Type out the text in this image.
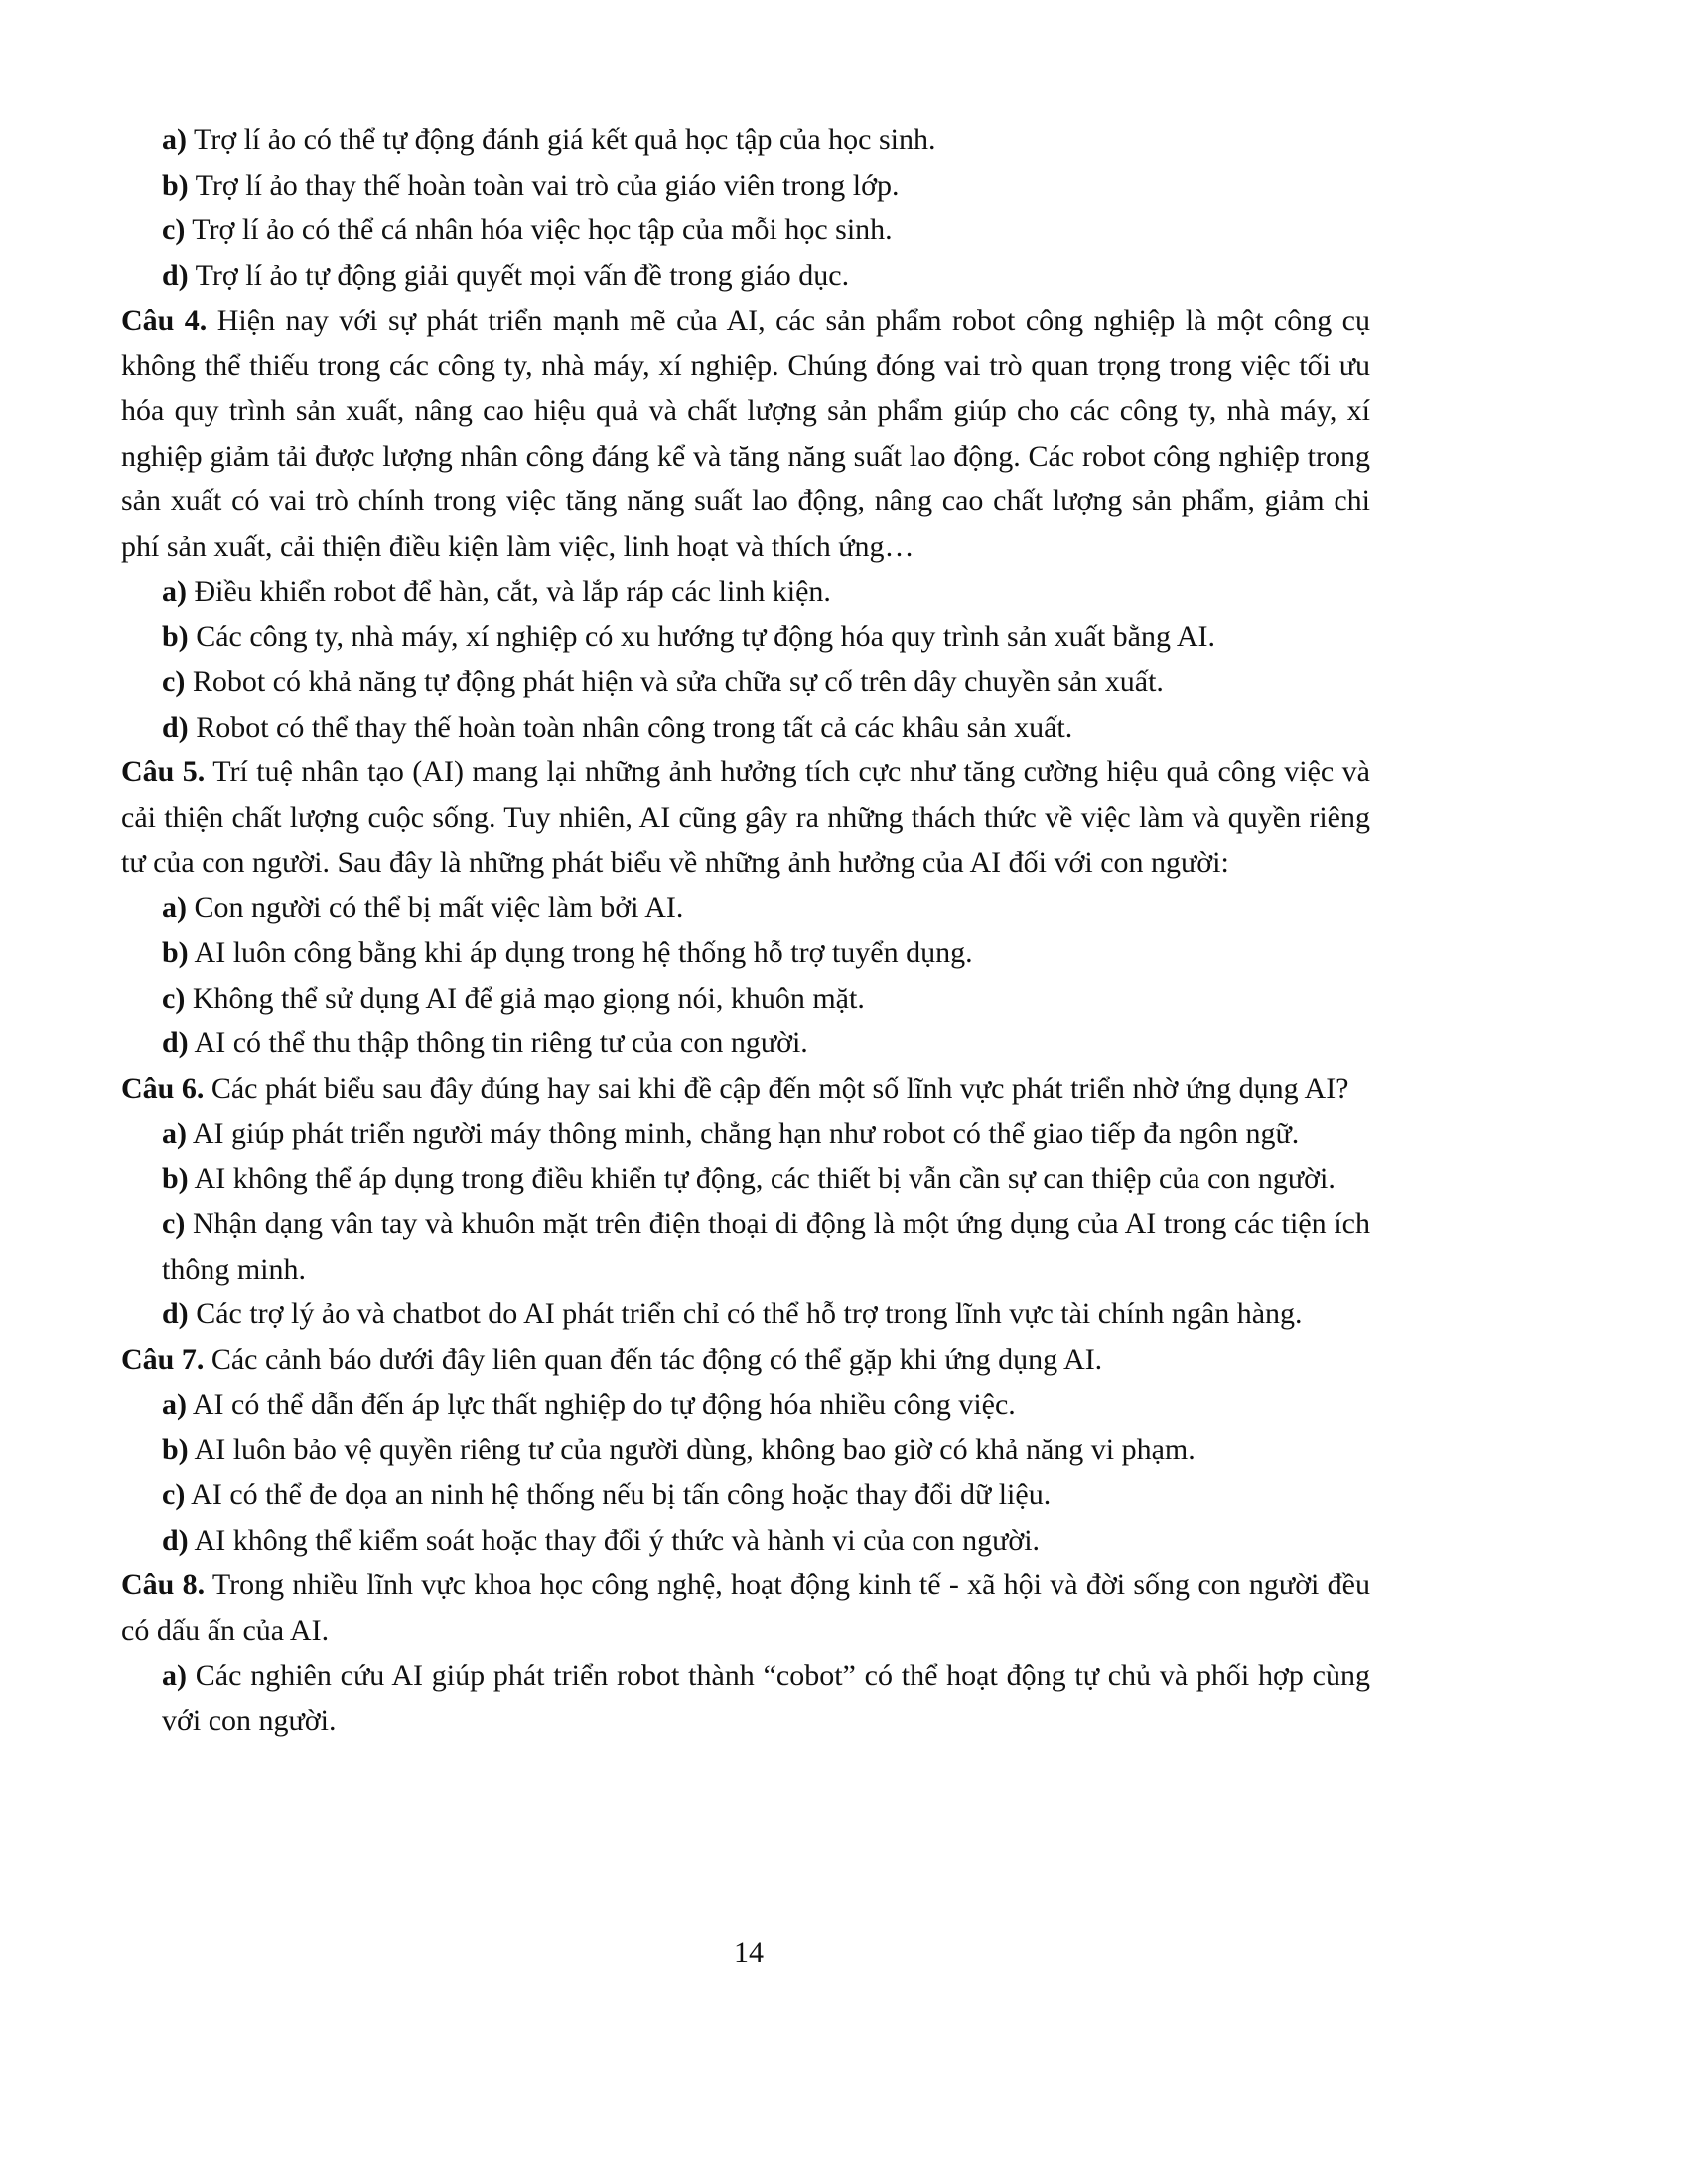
a) Trợ lí ảo có thể tự động đánh giá kết quả học tập của học sinh.
b) Trợ lí ảo thay thế hoàn toàn vai trò của giáo viên trong lớp.
c) Trợ lí ảo có thể cá nhân hóa việc học tập của mỗi học sinh.
d) Trợ lí ảo tự động giải quyết mọi vấn đề trong giáo dục.
Câu 4. Hiện nay với sự phát triển mạnh mẽ của AI, các sản phẩm robot công nghiệp là một công cụ không thể thiếu trong các công ty, nhà máy, xí nghiệp. Chúng đóng vai trò quan trọng trong việc tối ưu hóa quy trình sản xuất, nâng cao hiệu quả và chất lượng sản phẩm giúp cho các công ty, nhà máy, xí nghiệp giảm tải được lượng nhân công đáng kể và tăng năng suất lao động. Các robot công nghiệp trong sản xuất có vai trò chính trong việc tăng năng suất lao động, nâng cao chất lượng sản phẩm, giảm chi phí sản xuất, cải thiện điều kiện làm việc, linh hoạt và thích ứng…
a) Điều khiển robot để hàn, cắt, và lắp ráp các linh kiện.
b) Các công ty, nhà máy, xí nghiệp có xu hướng tự động hóa quy trình sản xuất bằng AI.
c) Robot có khả năng tự động phát hiện và sửa chữa sự cố trên dây chuyền sản xuất.
d) Robot có thể thay thế hoàn toàn nhân công trong tất cả các khâu sản xuất.
Câu 5. Trí tuệ nhân tạo (AI) mang lại những ảnh hưởng tích cực như tăng cường hiệu quả công việc và cải thiện chất lượng cuộc sống. Tuy nhiên, AI cũng gây ra những thách thức về việc làm và quyền riêng tư của con người. Sau đây là những phát biểu về những ảnh hưởng của AI đối với con người:
a) Con người có thể bị mất việc làm bởi AI.
b) AI luôn công bằng khi áp dụng trong hệ thống hỗ trợ tuyển dụng.
c) Không thể sử dụng AI để giả mạo giọng nói, khuôn mặt.
d) AI có thể thu thập thông tin riêng tư của con người.
Câu 6. Các phát biểu sau đây đúng hay sai khi đề cập đến một số lĩnh vực phát triển nhờ ứng dụng AI?
a) AI giúp phát triển người máy thông minh, chẳng hạn như robot có thể giao tiếp đa ngôn ngữ.
b) AI không thể áp dụng trong điều khiển tự động, các thiết bị vẫn cần sự can thiệp của con người.
c) Nhận dạng vân tay và khuôn mặt trên điện thoại di động là một ứng dụng của AI trong các tiện ích thông minh.
d) Các trợ lý ảo và chatbot do AI phát triển chỉ có thể hỗ trợ trong lĩnh vực tài chính ngân hàng.
Câu 7. Các cảnh báo dưới đây liên quan đến tác động có thể gặp khi ứng dụng AI.
a) AI có thể dẫn đến áp lực thất nghiệp do tự động hóa nhiều công việc.
b) AI luôn bảo vệ quyền riêng tư của người dùng, không bao giờ có khả năng vi phạm.
c) AI có thể đe dọa an ninh hệ thống nếu bị tấn công hoặc thay đổi dữ liệu.
d) AI không thể kiểm soát hoặc thay đổi ý thức và hành vi của con người.
Câu 8. Trong nhiều lĩnh vực khoa học công nghệ, hoạt động kinh tế - xã hội và đời sống con người đều có dấu ấn của AI.
a) Các nghiên cứu AI giúp phát triển robot thành “cobot” có thể hoạt động tự chủ và phối hợp cùng với con người.
14
